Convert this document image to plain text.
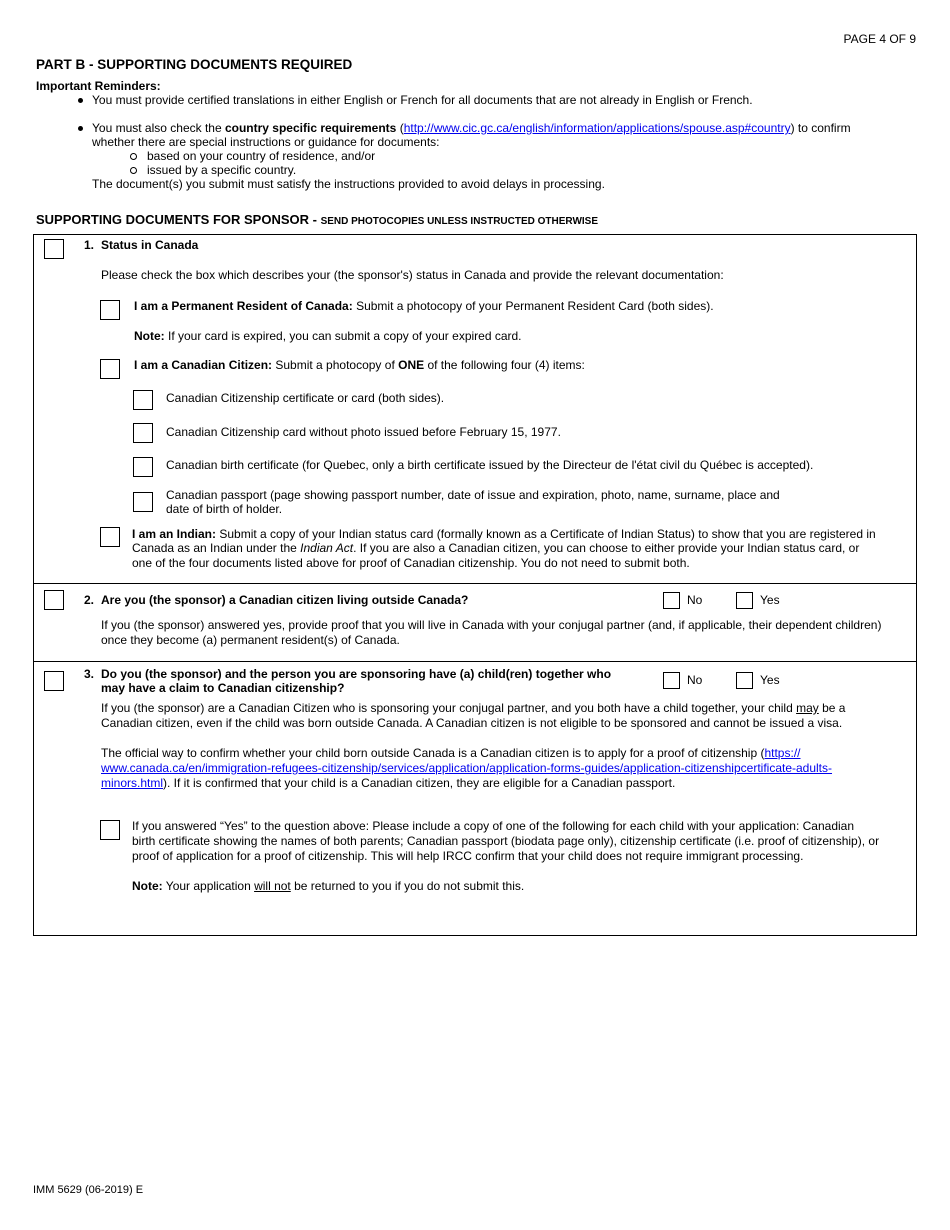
PAGE 4 OF 9
PART B - SUPPORTING DOCUMENTS REQUIRED
Important Reminders:
You must provide certified translations in either English or French for all documents that are not already in English or French.
You must also check the country specific requirements (http://www.cic.gc.ca/english/information/applications/spouse.asp#country) to confirm
whether there are special instructions or guidance for documents:
based on your country of residence, and/or
issued by a specific country.
The document(s) you submit must satisfy the instructions provided to avoid delays in processing.
SUPPORTING DOCUMENTS FOR SPONSOR - SEND PHOTOCOPIES UNLESS INSTRUCTED OTHERWISE
1. Status in Canada
Please check the box which describes your (the sponsor's) status in Canada and provide the relevant documentation:
I am a Permanent Resident of Canada: Submit a photocopy of your Permanent Resident Card (both sides).
Note: If your card is expired, you can submit a copy of your expired card.
I am a Canadian Citizen: Submit a photocopy of ONE of the following four (4) items:
Canadian Citizenship certificate or card (both sides).
Canadian Citizenship card without photo issued before February 15, 1977.
Canadian birth certificate (for Quebec, only a birth certificate issued by the Directeur de l'état civil du Québec is accepted).
Canadian passport (page showing passport number, date of issue and expiration, photo, name, surname, place and
date of birth of holder.
I am an Indian: Submit a copy of your Indian status card (formally known as a Certificate of Indian Status) to show that you are registered in
Canada as an Indian under the Indian Act. If you are also a Canadian citizen, you can choose to either provide your Indian status card, or
one of the four documents listed above for proof of Canadian citizenship. You do not need to submit both.
2. Are you (the sponsor) a Canadian citizen living outside Canada?	No	Yes
If you (the sponsor) answered yes, provide proof that you will live in Canada with your conjugal partner (and, if applicable, their dependent children)
once they become (a) permanent resident(s) of Canada.
3. Do you (the sponsor) and the person you are sponsoring have (a) child(ren) together who
may have a claim to Canadian citizenship?
No	Yes
If you (the sponsor) are a Canadian Citizen who is sponsoring your conjugal partner, and you both have a child together, your child may be a
Canadian citizen, even if the child was born outside Canada. A Canadian citizen is not eligible to be sponsored and cannot be issued a visa.
The official way to confirm whether your child born outside Canada is a Canadian citizen is to apply for a proof of citizenship (https://
www.canada.ca/en/immigration-refugees-citizenship/services/application/application-forms-guides/application-citizenshipcertificate-adults-
minors.html). If it is confirmed that your child is a Canadian citizen, they are eligible for a Canadian passport.
If you answered “Yes” to the question above: Please include a copy of one of the following for each child with your application: Canadian
birth certificate showing the names of both parents; Canadian passport (biodata page only), citizenship certificate (i.e. proof of citizenship), or
proof of application for a proof of citizenship. This will help IRCC confirm that your child does not require immigrant processing.
Note: Your application will not be returned to you if you do not submit this.
IMM 5629 (06-2019) E
